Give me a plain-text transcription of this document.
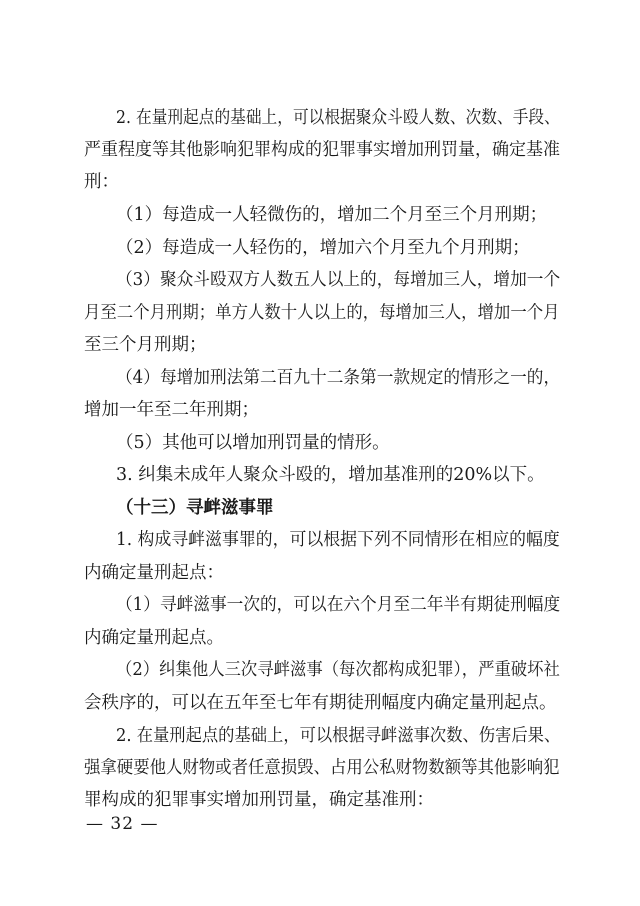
2. 在量刑起点的基础上，可以根据聚众斗殴人数、次数、手段、
严重程度等其他影响犯罪构成的犯罪事实增加刑罚量，确定基准
刑：
（1）每造成一人轻微伤的，增加二个月至三个月刑期；
（2）每造成一人轻伤的，增加六个月至九个月刑期；
（3）聚众斗殴双方人数五人以上的，每增加三人，增加一个
月至二个月刑期；单方人数十人以上的，每增加三人，增加一个月
至三个月刑期；
（4）每增加刑法第二百九十二条第一款规定的情形之一的，
增加一年至二年刑期；
（5）其他可以增加刑罚量的情形。
3. 纠集未成年人聚众斗殴的，增加基准刑的20%以下。
（十三）寻衅滋事罪
1. 构成寻衅滋事罪的，可以根据下列不同情形在相应的幅度
内确定量刑起点：
（1）寻衅滋事一次的，可以在六个月至二年半有期徒刑幅度
内确定量刑起点。
（2）纠集他人三次寻衅滋事（每次都构成犯罪），严重破坏社
会秩序的，可以在五年至七年有期徒刑幅度内确定量刑起点。
2. 在量刑起点的基础上，可以根据寻衅滋事次数、伤害后果、
强拿硬要他人财物或者任意损毁、占用公私财物数额等其他影响犯
罪构成的犯罪事实增加刑罚量，确定基准刑：
— 32 —
